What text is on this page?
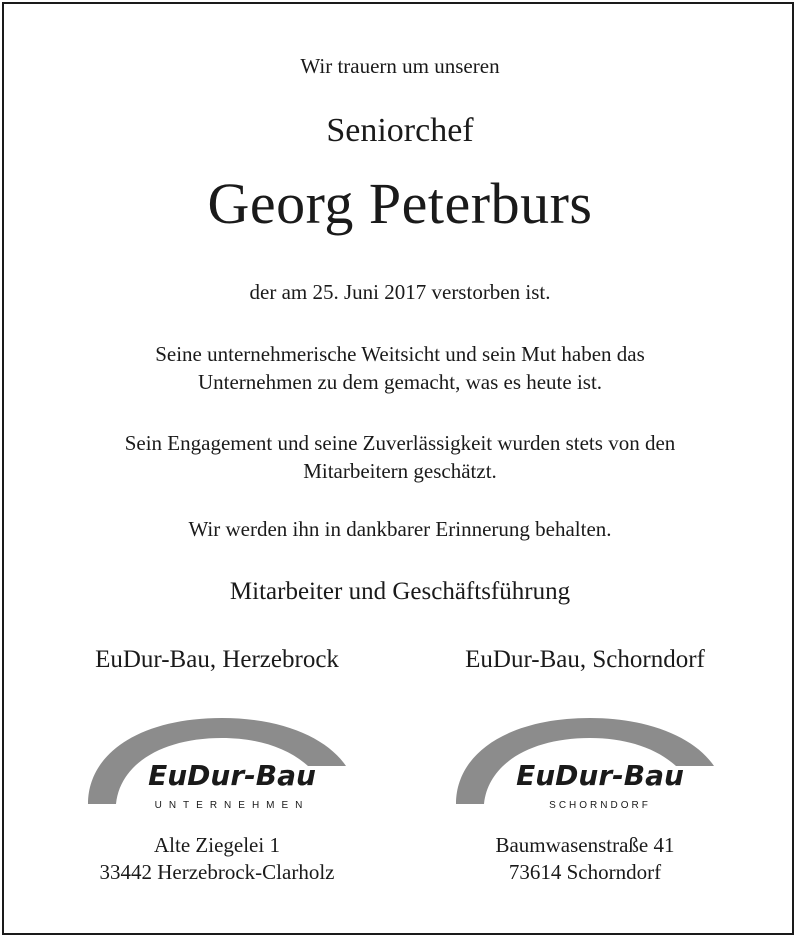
Wir trauern um unseren
Seniorchef
Georg Peterburs
der am 25. Juni 2017 verstorben ist.
Seine unternehmerische Weitsicht und sein Mut haben das
Unternehmen zu dem gemacht, was es heute ist.
Sein Engagement und seine Zuverlässigkeit wurden stets von den
Mitarbeitern geschätzt.
Wir werden ihn in dankbarer Erinnerung behalten.
Mitarbeiter und Geschäftsführung
EuDur-Bau, Herzebrock
EuDur-Bau
UNTERNEHMEN
Alte Ziegelei 1
33442 Herzebrock-Clarholz
EuDur-Bau, Schorndorf
EuDur-Bau
SCHORNDORF
Baumwasenstraße 41
73614 Schorndorf
